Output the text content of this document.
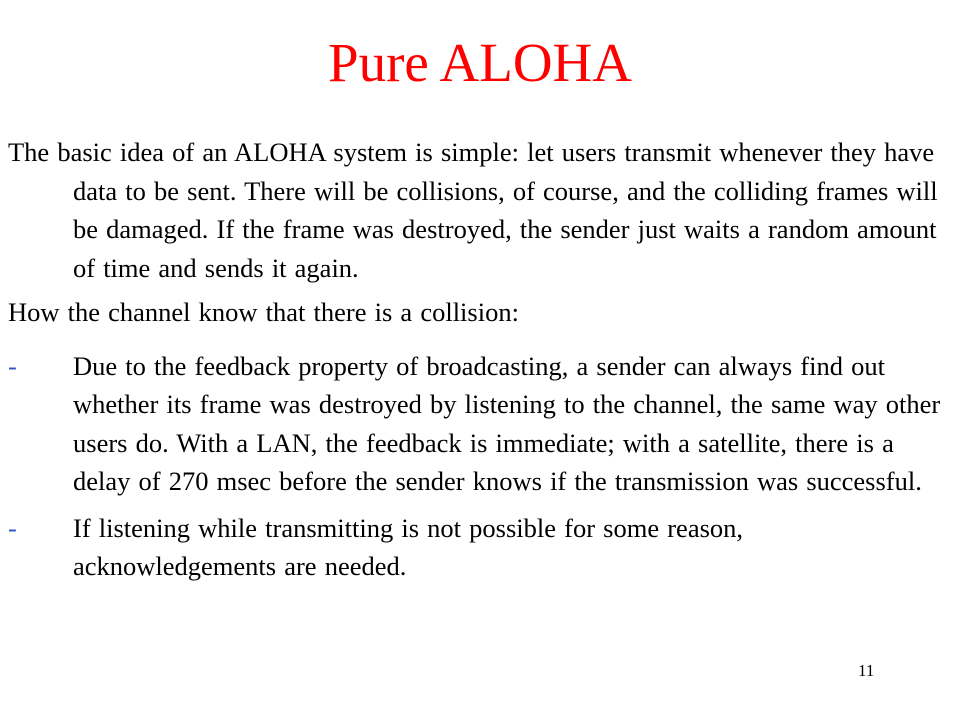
Pure ALOHA

The basic idea of an ALOHA system is simple: let users transmit whenever they have data to be sent. There will be collisions, of course, and the colliding frames will be damaged. If the frame was destroyed, the sender just waits a random amount of time and sends it again.

How the channel know that there is a collision:

- Due to the feedback property of broadcasting, a sender can always find out whether its frame was destroyed by listening to the channel, the same way other users do. With a LAN, the feedback is immediate; with a satellite, there is a delay of 270 msec before the sender knows if the transmission was successful.
- If listening while transmitting is not possible for some reason, acknowledgements are needed.
11
